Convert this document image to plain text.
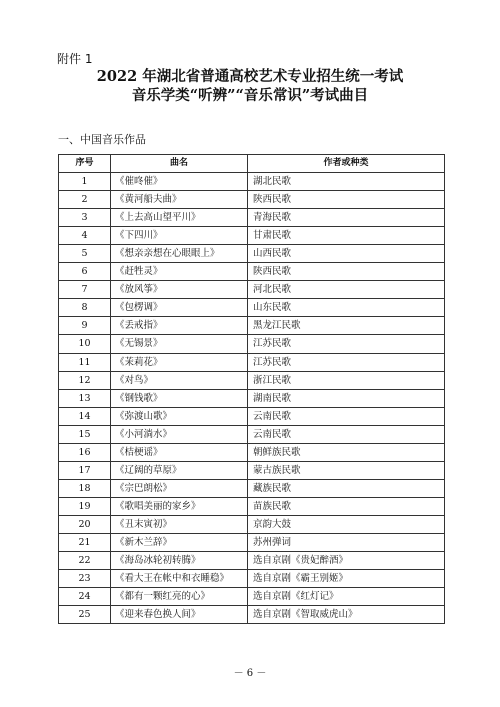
附件 1
2022 年湖北省普通高校艺术专业招生统一考试
音乐学类“听辨”“音乐常识”考试曲目
一、中国音乐作品
序号	曲名	作者或种类
1	《催咚催》	湖北民歌
2	《黄河船夫曲》	陕西民歌
3	《上去高山望平川》	青海民歌
4	《下四川》	甘肃民歌
5	《想亲亲想在心眼眼上》	山西民歌
6	《赶牲灵》	陕西民歌
7	《放风筝》	河北民歌
8	《包楞调》	山东民歌
9	《丢戒指》	黑龙江民歌
10	《无锡景》	江苏民歌
11	《茉莉花》	江苏民歌
12	《对鸟》	浙江民歌
13	《钢钱歌》	湖南民歌
14	《弥渡山歌》	云南民歌
15	《小河淌水》	云南民歌
16	《桔梗谣》	朝鲜族民歌
17	《辽阔的草原》	蒙古族民歌
18	《宗巴朗松》	藏族民歌
19	《歌唱美丽的家乡》	苗族民歌
20	《丑末寅初》	京韵大鼓
21	《新木兰辞》	苏州弹词
22	《海岛冰轮初转腾》	选自京剧《贵妃醉酒》
23	《看大王在帐中和衣睡稳》	选自京剧《霸王别姬》
24	《都有一颗红亮的心》	选自京剧《红灯记》
25	《迎来春色换人间》	选自京剧《智取威虎山》
－ 6 －
